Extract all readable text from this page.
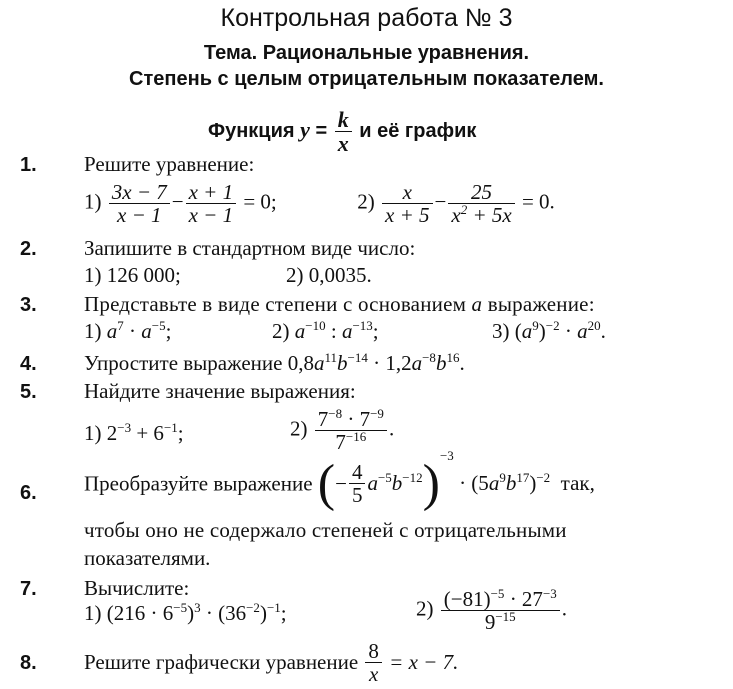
Контрольная работа № 3
Тема. Рациональные уравнения.
Степень с целым отрицательным показателем.
Функция $y = \frac{k}{x}$ и её график
1. Решите уравнение:
$1) \frac{3x - 7}{x - 1} - \frac{x + 1}{x - 1} = 0$;	$2) \frac{x}{x + 5} - \frac{25}{x^2 + 5x} = 0$.
2. Запишите в стандартном виде число:
1) 126 000;	2) 0,0035.
3. Представьте в виде степени с основанием a выражение:
1) $a^7 \cdot a^{-5}$;	2) $a^{-10}$ : $a^{-13}$;	3) $(a^9)^{-2} \cdot a^{20}$.
4. Упростите выражение $0,8a^{11}b^{-14} \cdot 1,2a^{-8}b^{16}$.
5. Найдите значение выражения:
1) $2^{-3} + 6^{-1}$;	$2) \frac{7^{-8} \cdot 7^{-9}}{7^{-16}}$ .
6. Преобразуйте выражение (− $\frac{4}{5} a^{-5}b^{-12})^{-3} \cdot (5a^9b^{17})^{-2}$ так,
чтобы оно не содержало степеней с отрицательными
показателями.
7. Вычислите:
1) $(216 \cdot 6^{-5})^3 \cdot (36^{-2})^{-1}$;	$2) \frac{(-81)^{-5} \cdot 27^{-3}}{9^{-15}}$ .
8. Решите графически уравнение $\frac{8}{x} = x - 7$.
